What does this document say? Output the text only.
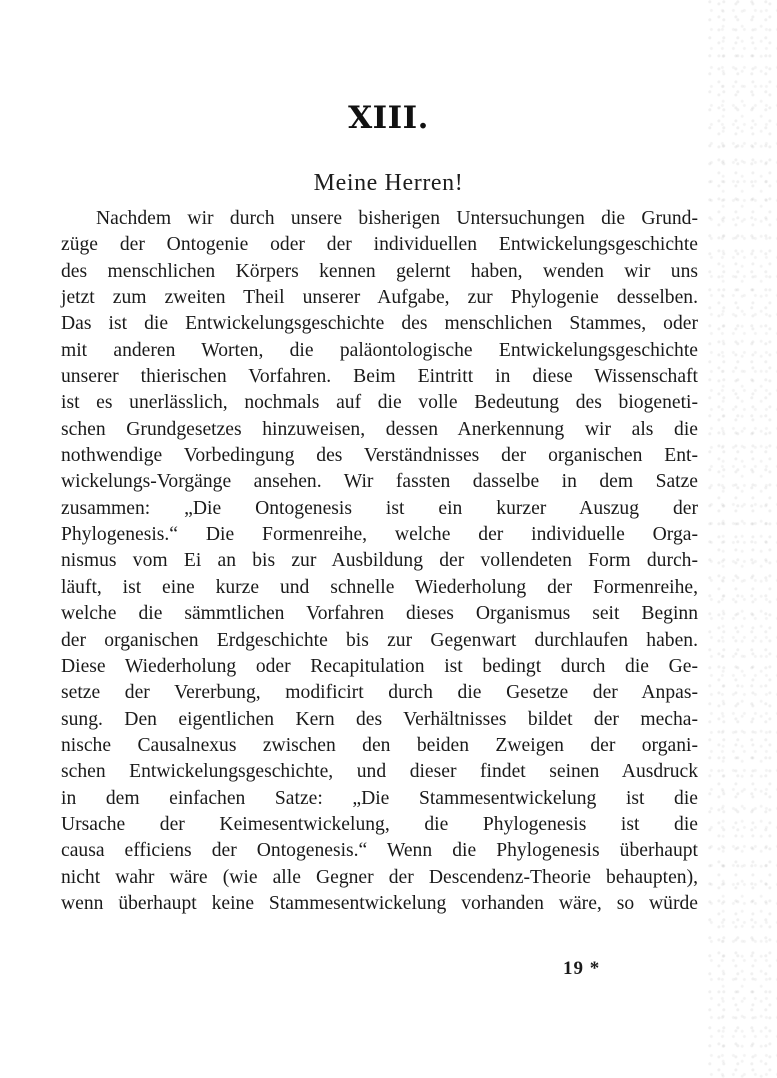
XIII.
Meine Herren!
Nachdem wir durch unsere bisherigen Untersuchungen die Grund-
züge der Ontogenie oder der individuellen Entwickelungsgeschichte
des menschlichen Körpers kennen gelernt haben, wenden wir uns
jetzt zum zweiten Theil unserer Aufgabe, zur Phylogenie desselben.
Das ist die Entwickelungsgeschichte des menschlichen Stammes, oder
mit anderen Worten, die paläontologische Entwickelungsgeschichte
unserer thierischen Vorfahren. Beim Eintritt in diese Wissenschaft
ist es unerlässlich, nochmals auf die volle Bedeutung des biogeneti-
schen Grundgesetzes hinzuweisen, dessen Anerkennung wir als die
nothwendige Vorbedingung des Verständnisses der organischen Ent-
wickelungs-Vorgänge ansehen. Wir fassten dasselbe in dem Satze
zusammen: „Die Ontogenesis ist ein kurzer Auszug der
Phylogenesis.“ Die Formenreihe, welche der individuelle Orga-
nismus vom Ei an bis zur Ausbildung der vollendeten Form durch-
läuft, ist eine kurze und schnelle Wiederholung der Formenreihe,
welche die sämmtlichen Vorfahren dieses Organismus seit Beginn
der organischen Erdgeschichte bis zur Gegenwart durchlaufen haben.
Diese Wiederholung oder Recapitulation ist bedingt durch die Ge-
setze der Vererbung, modificirt durch die Gesetze der Anpas-
sung. Den eigentlichen Kern des Verhältnisses bildet der mecha-
nische Causalnexus zwischen den beiden Zweigen der organi-
schen Entwickelungsgeschichte, und dieser findet seinen Ausdruck
in dem einfachen Satze: „Die Stammesentwickelung ist die
Ursache der Keimesentwickelung, die Phylogenesis ist die
causa efficiens der Ontogenesis.“ Wenn die Phylogenesis überhaupt
nicht wahr wäre (wie alle Gegner der Descendenz-Theorie behaupten),
wenn überhaupt keine Stammesentwickelung vorhanden wäre, so würde
19 *
